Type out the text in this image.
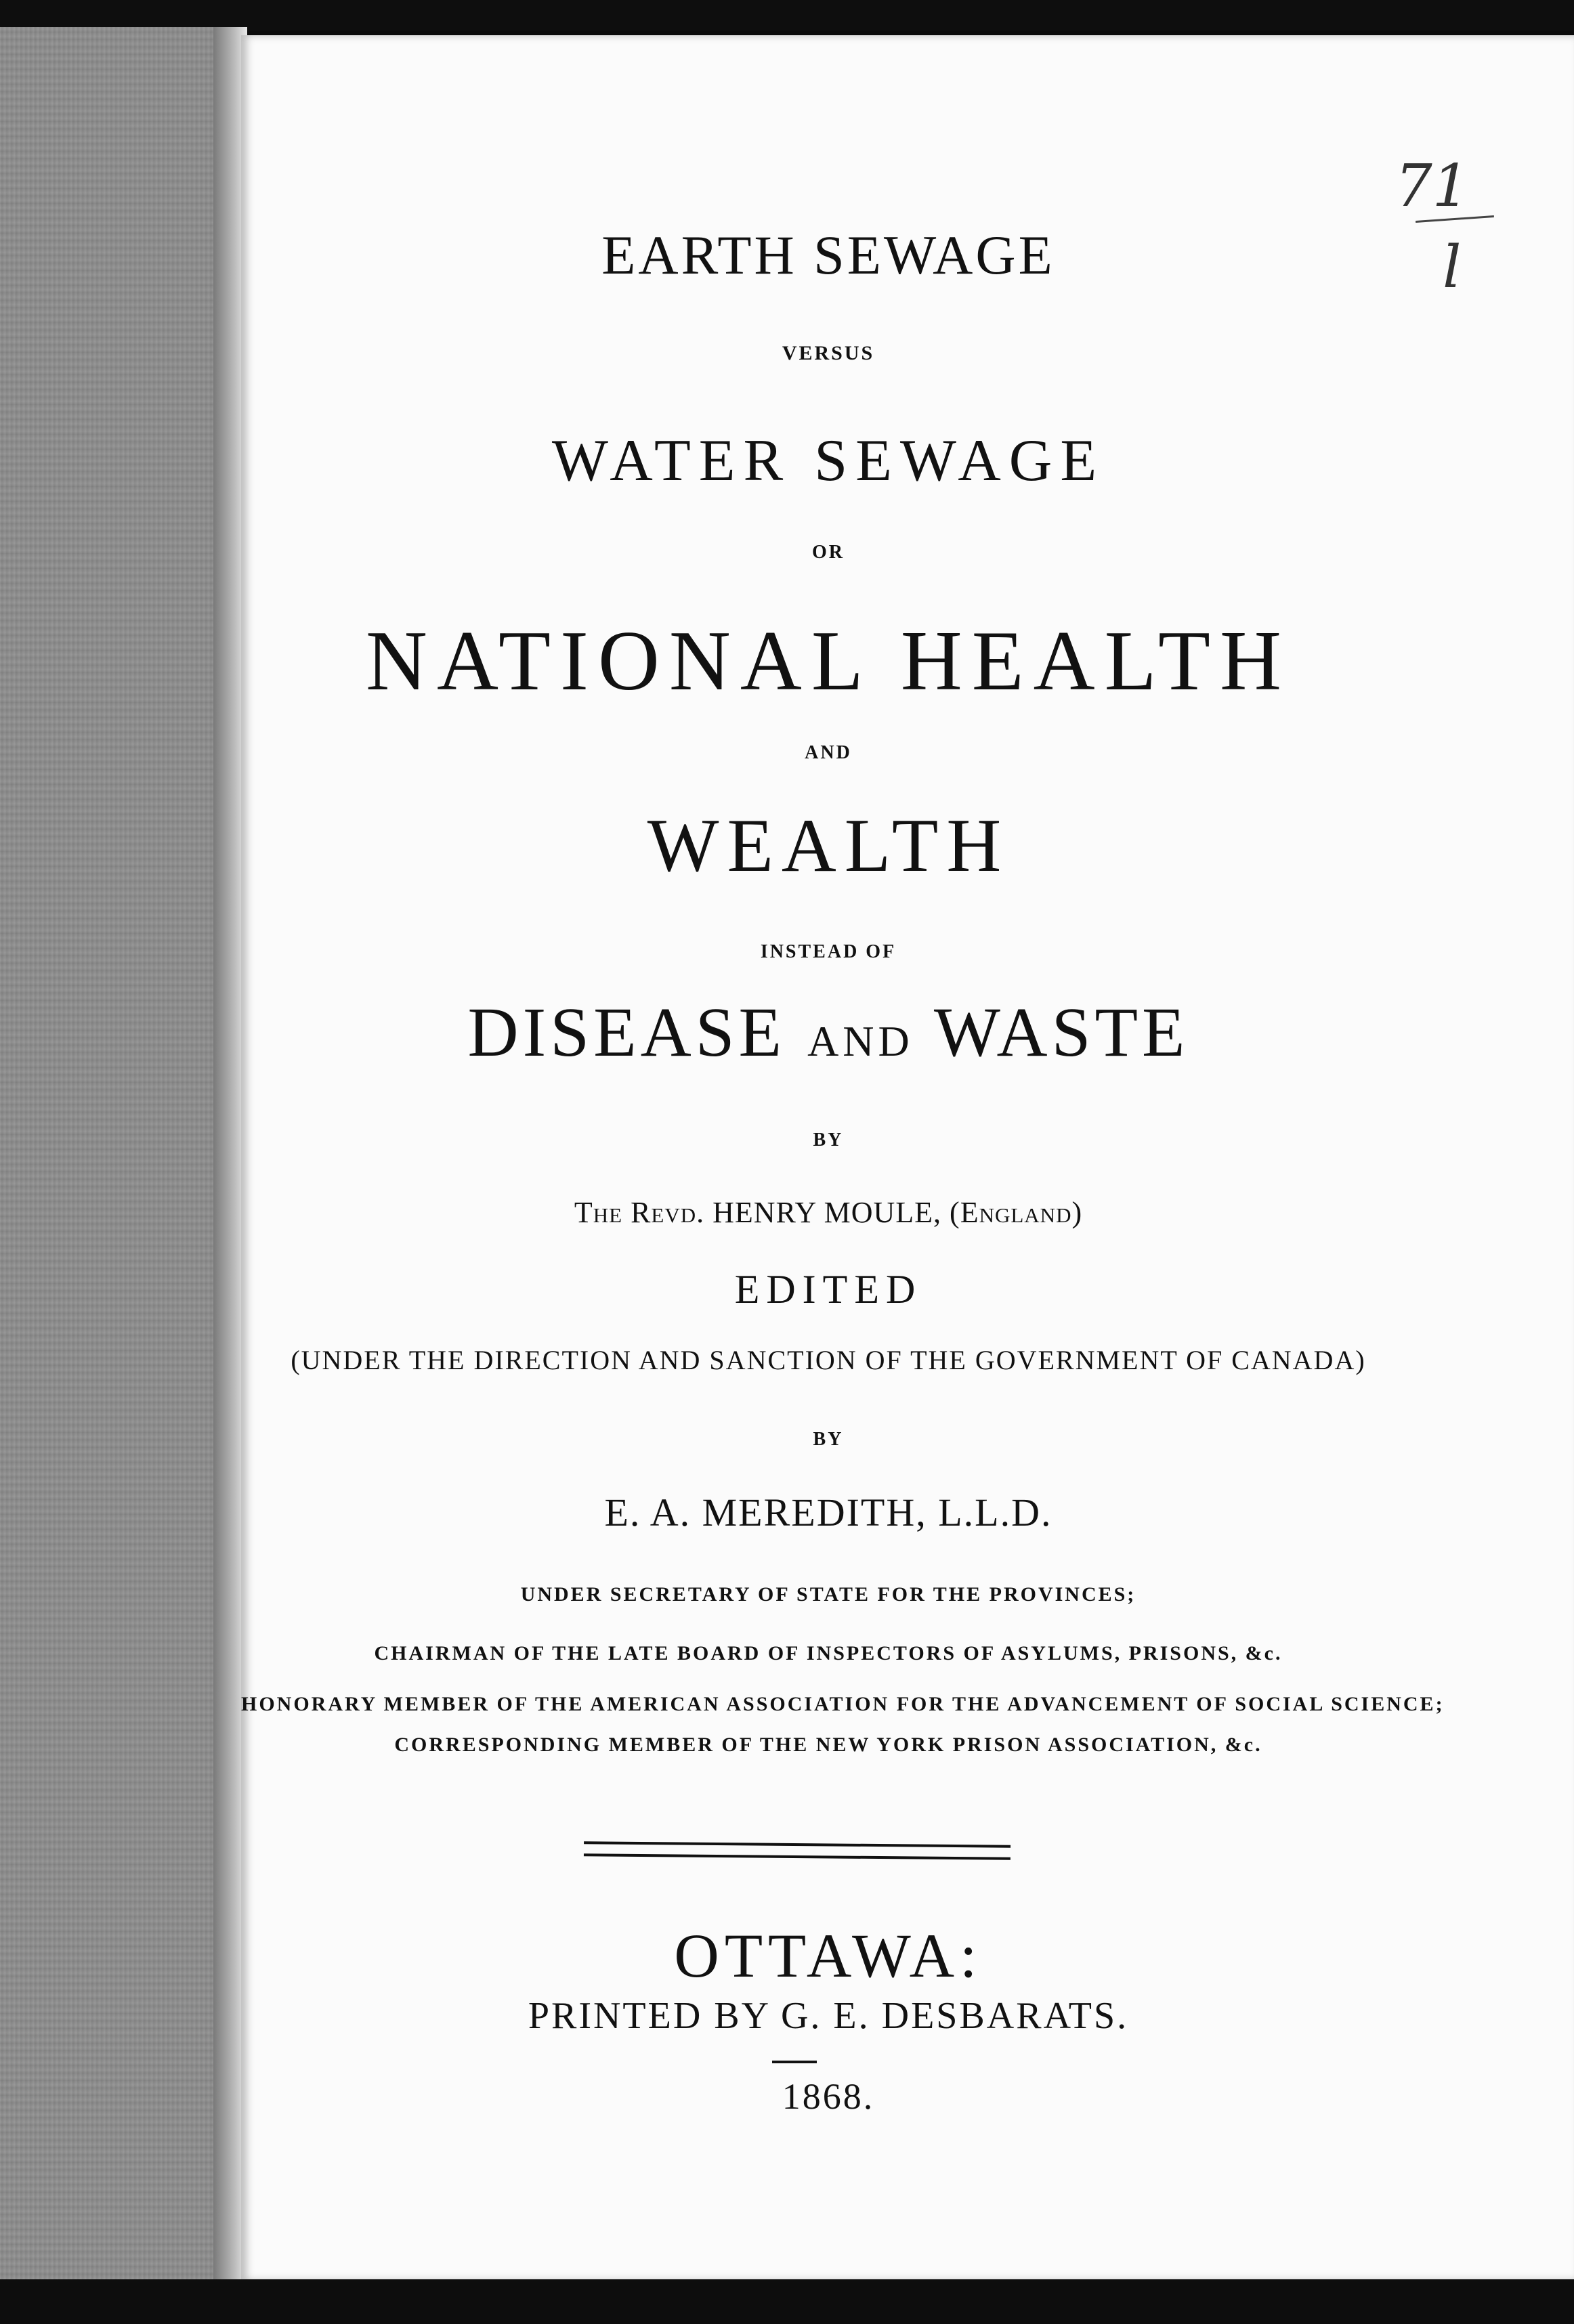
71
l
EARTH SEWAGE
VERSUS
WATER SEWAGE
OR
NATIONAL HEALTH
AND
WEALTH
INSTEAD OF
DISEASE AND WASTE
BY
The Revd. HENRY MOULE, (England)
EDITED
(UNDER THE DIRECTION AND SANCTION OF THE GOVERNMENT OF CANADA)
BY
E. A. MEREDITH, L.L.D.
UNDER SECRETARY OF STATE FOR THE PROVINCES;
CHAIRMAN OF THE LATE BOARD OF INSPECTORS OF ASYLUMS, PRISONS, &c.
HONORARY MEMBER OF THE AMERICAN ASSOCIATION FOR THE ADVANCEMENT OF SOCIAL SCIENCE;
CORRESPONDING MEMBER OF THE NEW YORK PRISON ASSOCIATION, &c.
OTTAWA:
PRINTED BY G. E. DESBARATS.
1868.
